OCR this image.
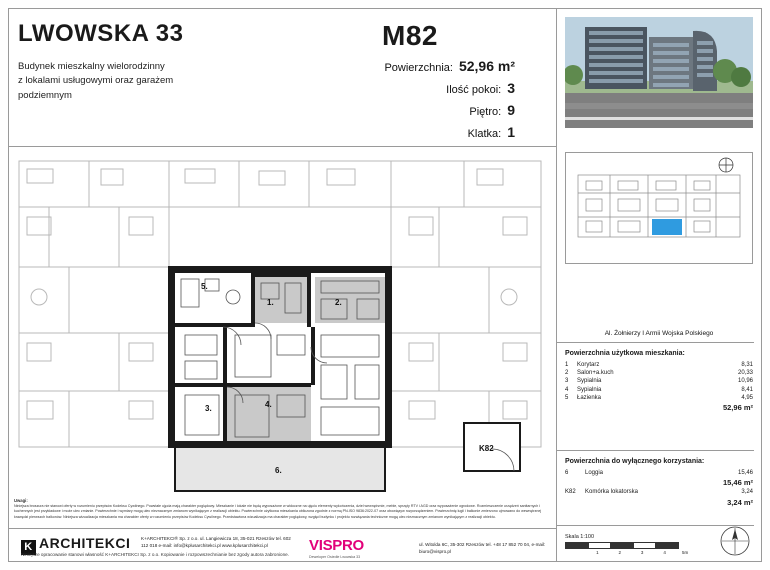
LWOWSKA 33
Budynek mieszkalny wielorodzinny
z lokalami usługowymi oraz garażem
podziemnym
M82
Powierzchnia: 52,96 m²
Ilość pokoi: 3
Piętro: 9
Klatka: 1
1.	2.
3.	4.
5.
6.
K82
Uwagi:
Niniejsza broszura nie stanowi oferty w rozumieniu przepisów Kodeksu Cywilnego. Powstałe ujęcia mają charakter poglądowy. Mieszkanie i lokale nie będą wyposażone w widoczne na ujęciu elementy wykończenia, dziel wewnętrznie, meble, sprzęty RTV i AGD oraz wyposażenie ogrodowe. Rozmieszczenie urządzeń sanitarnych i kuchennych jest przykładowe i może ulec zmianie. Powierzchnie i wymiary mogą ulec nieznacznym zmianom wynikającym z realizacji obiektu. Powierzchnie użytkowa mieszkania obliczona zgodnie z normą PN-ISO 9836:2022-07 oraz obowiązyw rozporządzeniem. Powierzchnię lugii i balkonie zmierzono ujmowano do wewnętrznej krawędzi pierwszch balkonów. Niniejsza wizualizacja mieszkania ma charakter oferty w rozumieniu przepisów Kodeksu Cywilnego. Przedstawiona wizualizacja ma charakter poglądowy, względ budynku i projektu rozwiązania techniczne mogą ulec nieznacznym zmianom wynikającym z realizacji obiektu.
K ARCHITEKCI
Niniejsze opracowanie stanowi własność K+ARCHITEKCI Sp. z o.o. Kopiowanie i rozpowszechnianie bez zgody autora zabronione.
K+ARCHITEKCI® Sp. z o.o. ul. Langiewicza 18, 35-021 Rzeszów tel. 602 112 018 e-mail: info@kplusarchitekci.pl www.kplusarchitekci.pl	VISPRO
Deweloper Osiedle Lwowska 33
ul. Witolda 6C, 35-302 Rzeszów tel. +48 17 852 70 04, e-mail: biuro@vispro.pl
Al. Żołnierzy I Armii Wojska Polskiego
Powierzchnia użytkowa mieszkania:
1	Korytarz	8,31
2	Salon+a.kuch	20,33
3	Sypialnia	10,96
4	Sypialnia	8,41
5	Łazienka	4,95
52,96 m²		
Powierzchnia do wyłącznego korzystania:
6	Loggia	15,46
15,46 m²		
K82	Komórka lokatorska	3,24
3,24 m²		
Skala 1:100
1	2	3	4	5m
